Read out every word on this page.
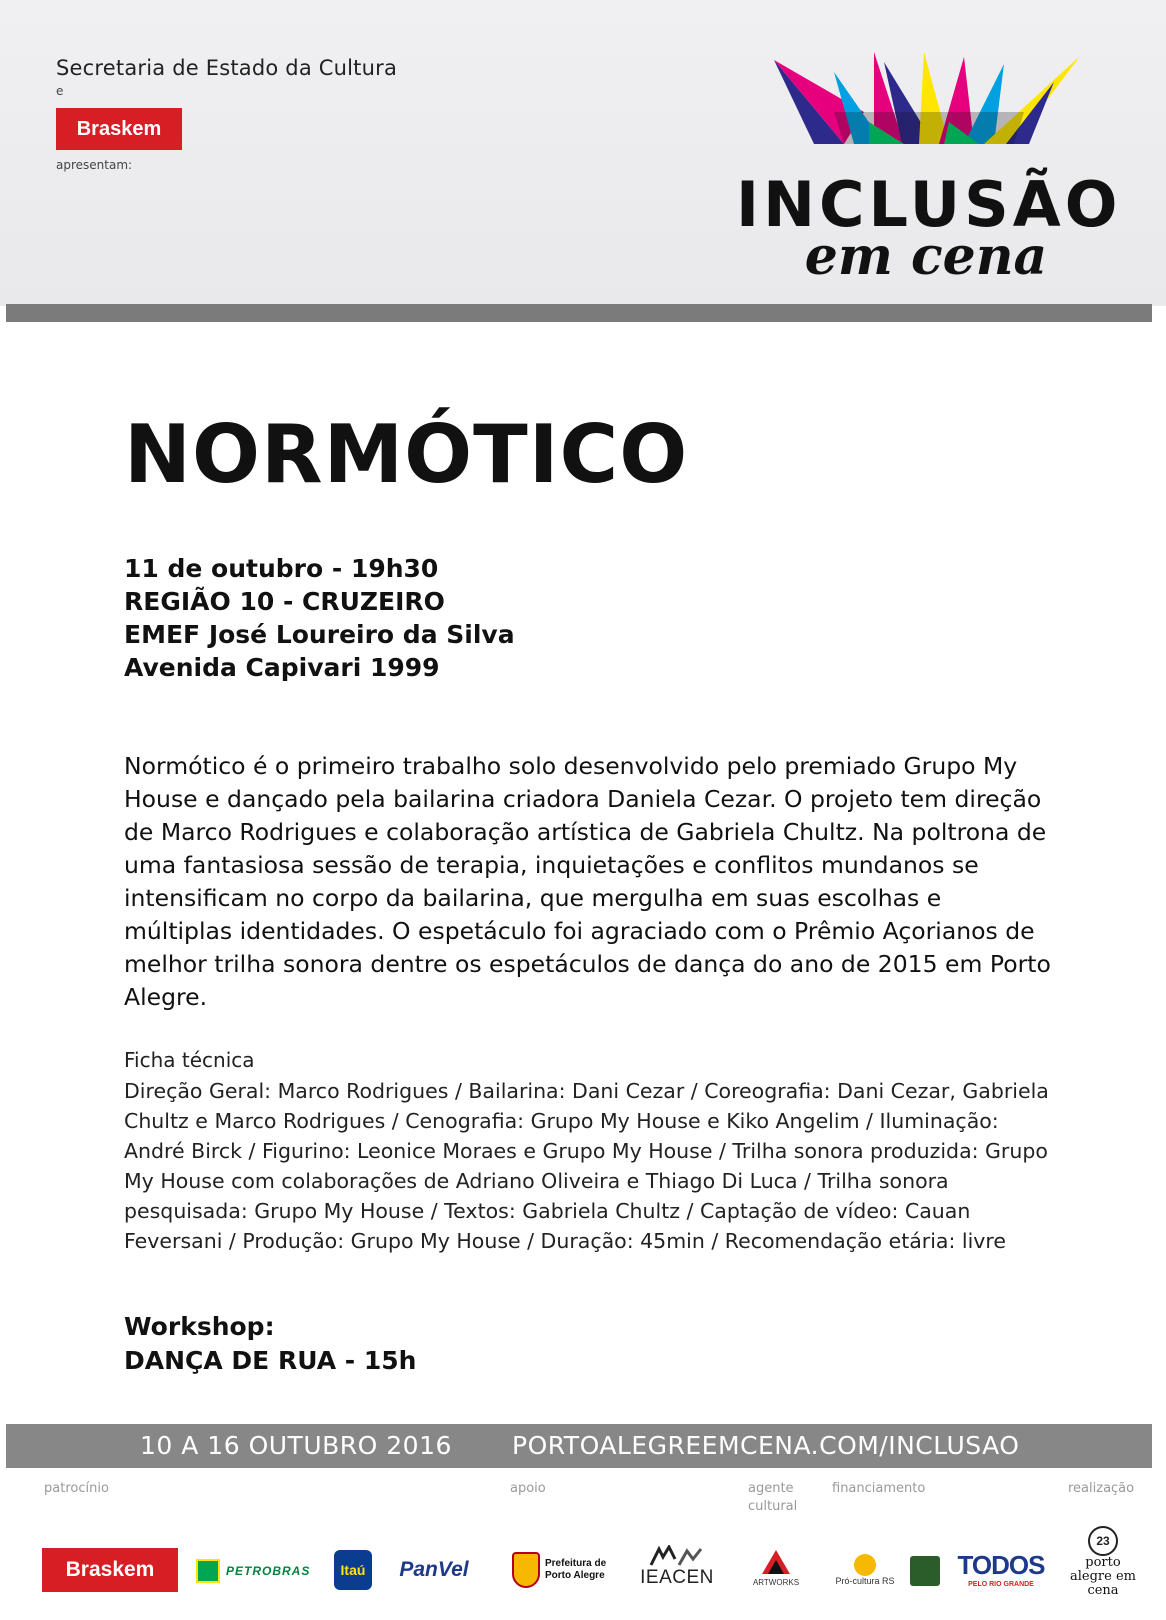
Secretaria de Estado da Cultura
e
Braskem
apresentam:
INCLUSÃO
em cena
NORMÓTICO
11 de outubro - 19h30
REGIÃO 10 - CRUZEIRO
EMEF José Loureiro da Silva
Avenida Capivari 1999
Normótico é o primeiro trabalho solo desenvolvido pelo premiado Grupo My House e dançado pela bailarina criadora Daniela Cezar. O projeto tem direção de Marco Rodrigues e colaboração artística de Gabriela Chultz. Na poltrona de uma fantasiosa sessão de terapia, inquietações e conflitos mundanos se intensificam no corpo da bailarina, que mergulha em suas escolhas e múltiplas identidades. O espetáculo foi agraciado com o Prêmio Açorianos de melhor trilha sonora dentre os espetáculos de dança do ano de 2015 em Porto Alegre.
Ficha técnica
Direção Geral: Marco Rodrigues / Bailarina: Dani Cezar / Coreografia: Dani Cezar, Gabriela Chultz e Marco Rodrigues / Cenografia: Grupo My House e Kiko Angelim / Iluminação: André Birck / Figurino: Leonice Moraes e Grupo My House / Trilha sonora produzida: Grupo My House com colaborações de Adriano Oliveira e Thiago Di Luca / Trilha sonora pesquisada: Grupo My House / Textos: Gabriela Chultz / Captação de vídeo: Cauan Feversani / Produção: Grupo My House / Duração: 45min / Recomendação etária: livre
Workshop:
DANÇA DE RUA - 15h
10 A 16 OUTUBRO 2016 PORTOALEGREEMCENA.COM/INCLUSAO
patrocínio	apoio	agente cultural
financiamento	realização
Braskem	PETROBRAS	Itaú	PanVel	Prefeitura de Porto Alegre	IEACEN	ARTWORKS	Pró-cultura RS
TODOS
PELO RIO GRANDE
23
porto alegre em cena
